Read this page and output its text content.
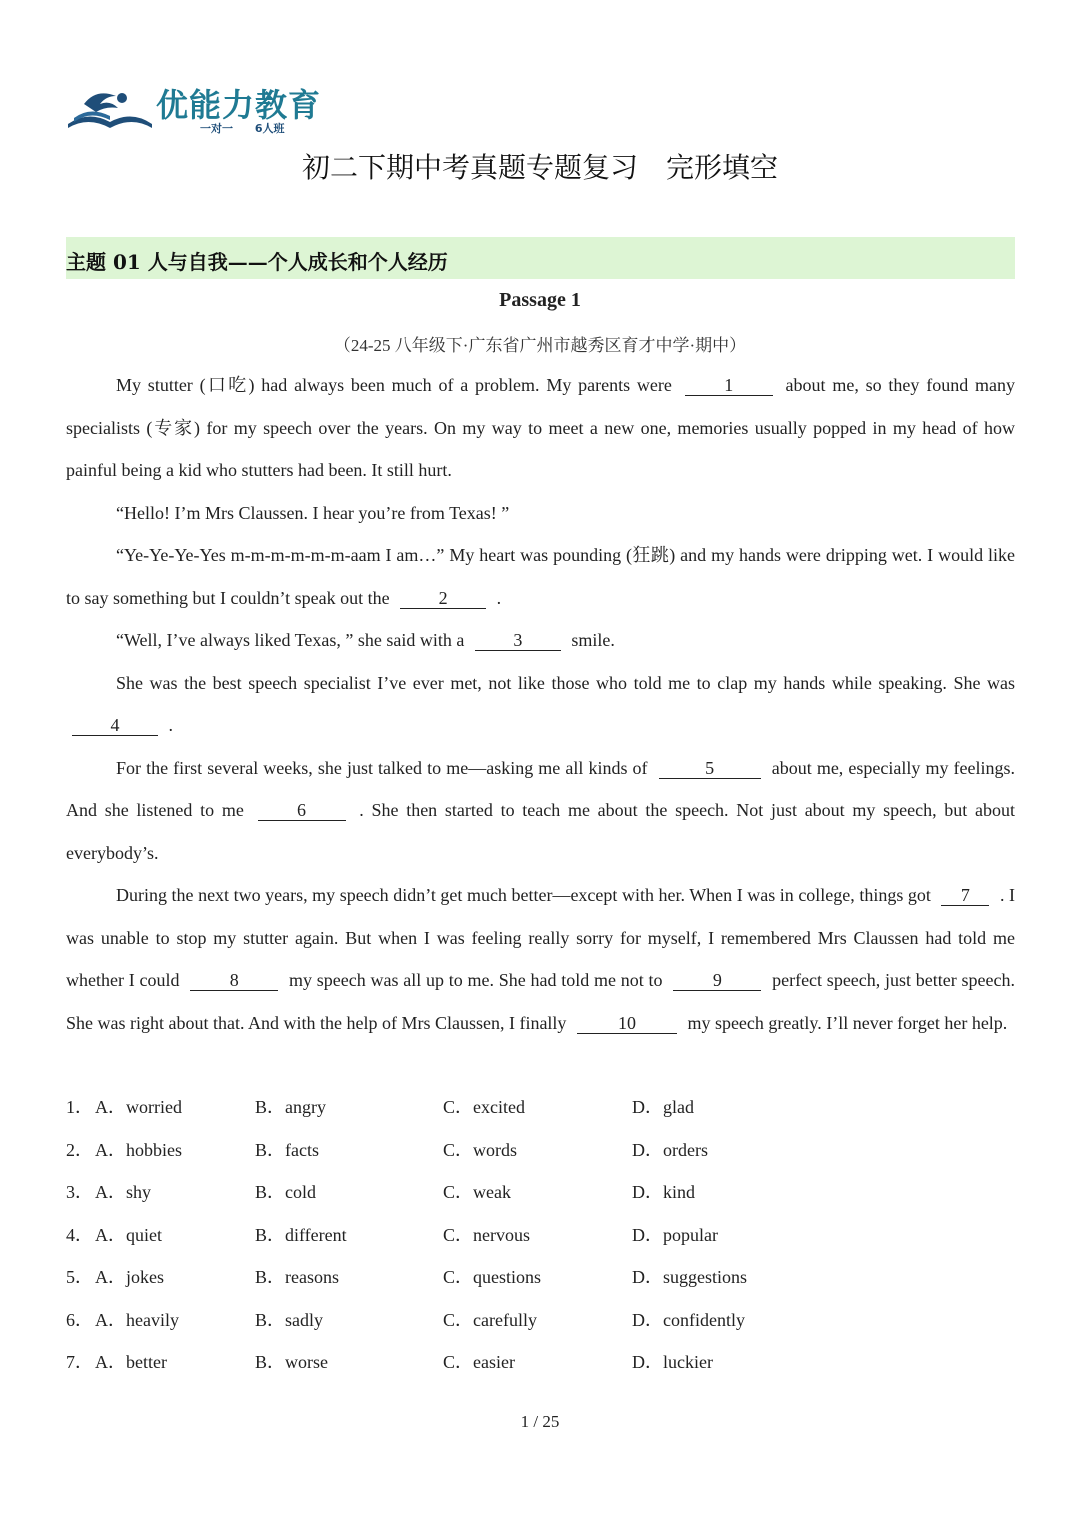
优能力教育
一对一 6人班
初二下期中考真题专题复习　完形填空
主题 01 人与自我——个人成长和个人经历
Passage 1
（24-25 八年级下·广东省广州市越秀区育才中学·期中）

My stutter (口吃) had always been much of a problem. My parents were	1	about me, so they found many specialists (专家) for my speech over the years. On my way to meet a new one, memories usually popped in my head of how painful being a kid who stutters had been. It still hurt.

“Hello! I’m Mrs Claussen. I hear you’re from Texas! ”

“Ye-Ye-Ye-Yes m-m-m-m-m-m-aam I am…” My heart was pounding (狂跳) and my hands were dripping wet. I would like to say something but I couldn’t speak out the	2	.

“Well, I’ve always liked Texas, ” she said with a	3	smile.

She was the best speech specialist I’ve ever met, not like those who told me to clap my hands while speaking. She was 4	.

For the first several weeks, she just talked to me—asking me all kinds of	5	about me, especially my feelings. And she listened to me	6	. She then started to teach me about the speech. Not just about my speech, but about everybody’s.

During the next two years, my speech didn’t get much better—except with her. When I was in college, things got 7 . I was unable to stop my stutter again. But when I was feeling really sorry for myself, I remembered Mrs Claussen had told me whether I could	8	my speech was all up to me. She had told me not to	9	perfect speech, just better speech. She was right about that. And with the help of Mrs Claussen, I finally	10	my speech greatly. I’ll never forget her help.

1． A．worried	B．angry	C．excited	D．glad
2． A．hobbies	B．facts	C．words	D．orders
3． A．shy	B．cold	C．weak	D．kind
4． A．quiet	B．different	C．nervous	D．popular
5． A．jokes	B．reasons	C．questions	D．suggestions
6． A．heavily	B．sadly	C．carefully	D．confidently
7． A．better	B．worse	C．easier	D．luckier
1 / 25
